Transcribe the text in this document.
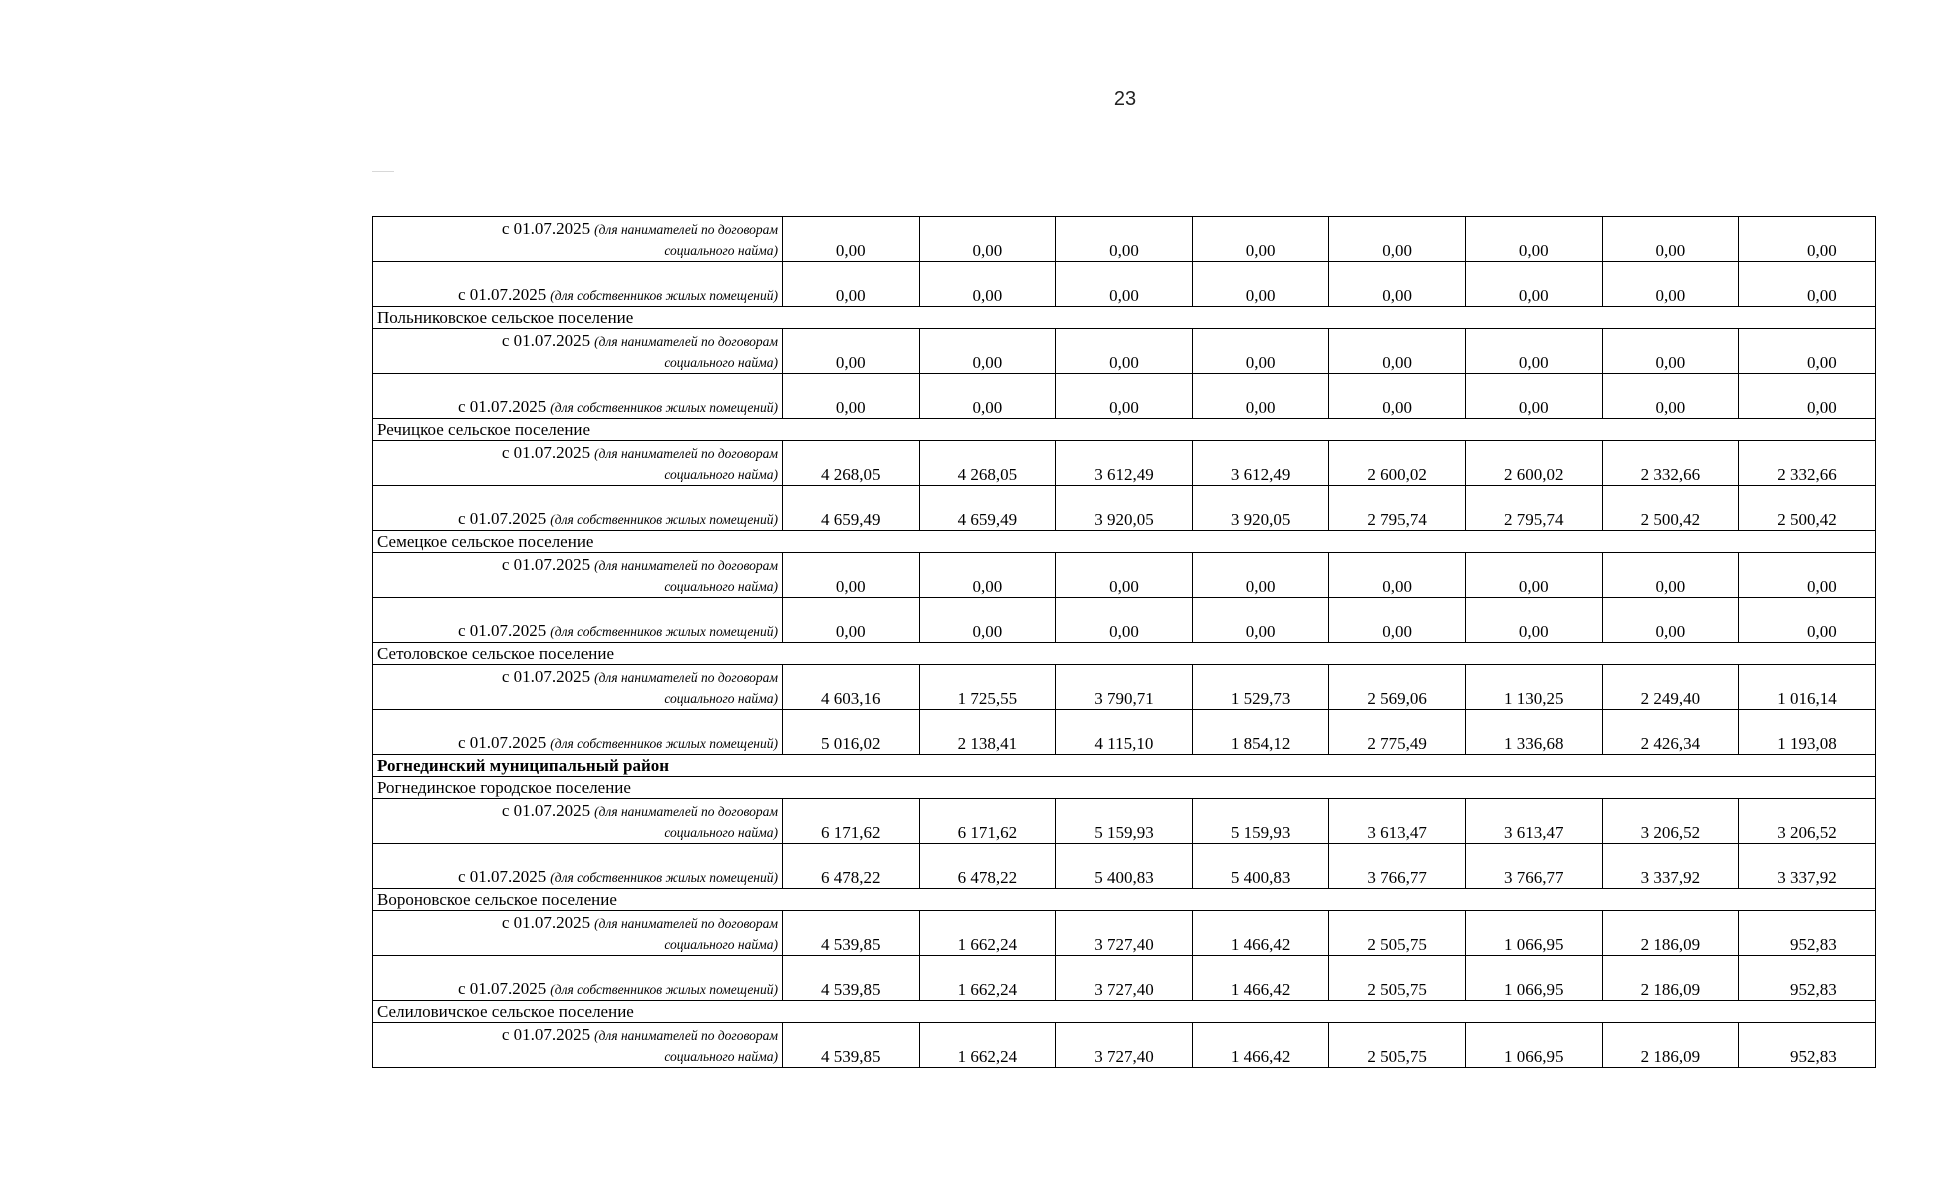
23
с 01.07.2025 (для нанимателей по договорам
социального найма)	0,00	0,00	0,00	0,00	0,00	0,00	0,00	0,00
с 01.07.2025 (для собственников жилых помещений)	0,00	0,00	0,00	0,00	0,00	0,00	0,00	0,00
Польниковское сельское поселение								
с 01.07.2025 (для нанимателей по договорам
социального найма)	0,00	0,00	0,00	0,00	0,00	0,00	0,00	0,00
с 01.07.2025 (для собственников жилых помещений)	0,00	0,00	0,00	0,00	0,00	0,00	0,00	0,00
Речицкое сельское поселение								
с 01.07.2025 (для нанимателей по договорам
социального найма)	4 268,05	4 268,05	3 612,49	3 612,49	2 600,02	2 600,02	2 332,66	2 332,66
с 01.07.2025 (для собственников жилых помещений)	4 659,49	4 659,49	3 920,05	3 920,05	2 795,74	2 795,74	2 500,42	2 500,42
Семецкое сельское поселение								
с 01.07.2025 (для нанимателей по договорам
социального найма)	0,00	0,00	0,00	0,00	0,00	0,00	0,00	0,00
с 01.07.2025 (для собственников жилых помещений)	0,00	0,00	0,00	0,00	0,00	0,00	0,00	0,00
Сетоловское сельское поселение								
с 01.07.2025 (для нанимателей по договорам
социального найма)	4 603,16	1 725,55	3 790,71	1 529,73	2 569,06	1 130,25	2 249,40	1 016,14
с 01.07.2025 (для собственников жилых помещений)	5 016,02	2 138,41	4 115,10	1 854,12	2 775,49	1 336,68	2 426,34	1 193,08
Рогнединский муниципальный район								
Рогнединское городское поселение								
с 01.07.2025 (для нанимателей по договорам
социального найма)	6 171,62	6 171,62	5 159,93	5 159,93	3 613,47	3 613,47	3 206,52	3 206,52
с 01.07.2025 (для собственников жилых помещений)	6 478,22	6 478,22	5 400,83	5 400,83	3 766,77	3 766,77	3 337,92	3 337,92
Вороновское сельское поселение								
с 01.07.2025 (для нанимателей по договорам
социального найма)	4 539,85	1 662,24	3 727,40	1 466,42	2 505,75	1 066,95	2 186,09	952,83
с 01.07.2025 (для собственников жилых помещений)	4 539,85	1 662,24	3 727,40	1 466,42	2 505,75	1 066,95	2 186,09	952,83
Селиловичское сельское поселение								
с 01.07.2025 (для нанимателей по договорам
социального найма)	4 539,85	1 662,24	3 727,40	1 466,42	2 505,75	1 066,95	2 186,09	952,83
